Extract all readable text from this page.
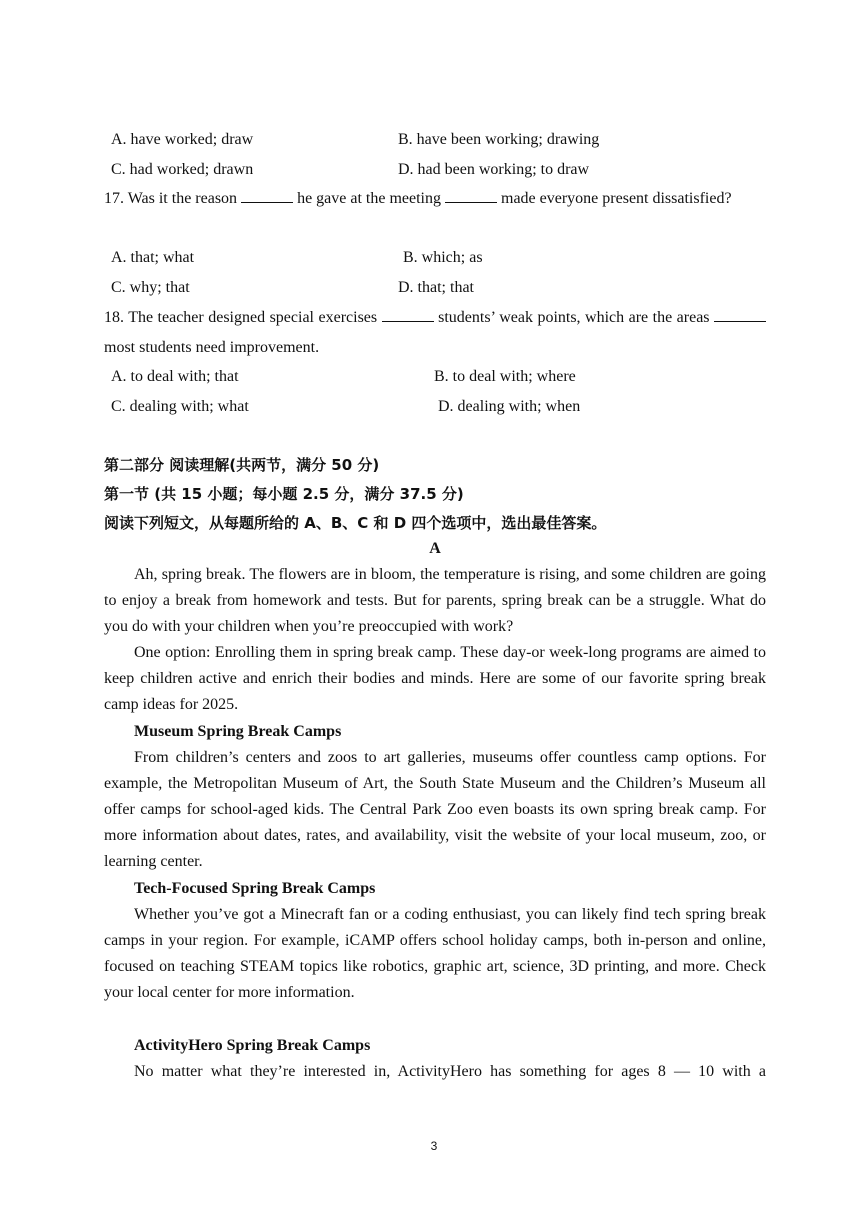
A. have worked; draw	B. have been working; drawing
C. had worked; drawn	D. had been working; to draw
17. Was it the reason	he gave at the meeting	made everyone present dissatisfied?
A. that; what	B. which; as
C. why; that	D. that; that
18. The teacher designed special exercises	students’ weak points, which are the areas  most students need improvement.
A. to deal with; that	B. to deal with; where
C. dealing with; what	D. dealing with; when
第二部分 阅读理解(共两节，满分 50 分)
第一节 (共 15 小题；每小题 2.5 分，满分 37.5 分)
阅读下列短文，从每题所给的 A、B、C 和 D 四个选项中，选出最佳答案。
A

Ah, spring break. The flowers are in bloom, the temperature is rising, and some children are going to enjoy a break from homework and tests. But for parents, spring break can be a struggle. What do you do with your children when you’re preoccupied with work?

One option: Enrolling them in spring break camp. These day-or week-long programs are aimed to keep children active and enrich their bodies and minds. Here are some of our favorite spring break camp ideas for 2025.

Museum Spring Break Camps

From children’s centers and zoos to art galleries, museums offer countless camp options. For example, the Metropolitan Museum of Art, the South State Museum and the Children’s Museum all offer camps for school-aged kids. The Central Park Zoo even boasts its own spring break camp. For more information about dates, rates, and availability, visit the website of your local museum, zoo, or learning center.

Tech-Focused Spring Break Camps

Whether you’ve got a Minecraft fan or a coding enthusiast, you can likely find tech spring break camps in your region. For example, iCAMP offers school holiday camps, both in-person and online, focused on teaching STEAM topics like robotics, graphic art, science, 3D printing, and more. Check your local center for more information.

ActivityHero Spring Break Camps

No matter what they’re interested in, ActivityHero has something for ages 8 — 10 with a

3
